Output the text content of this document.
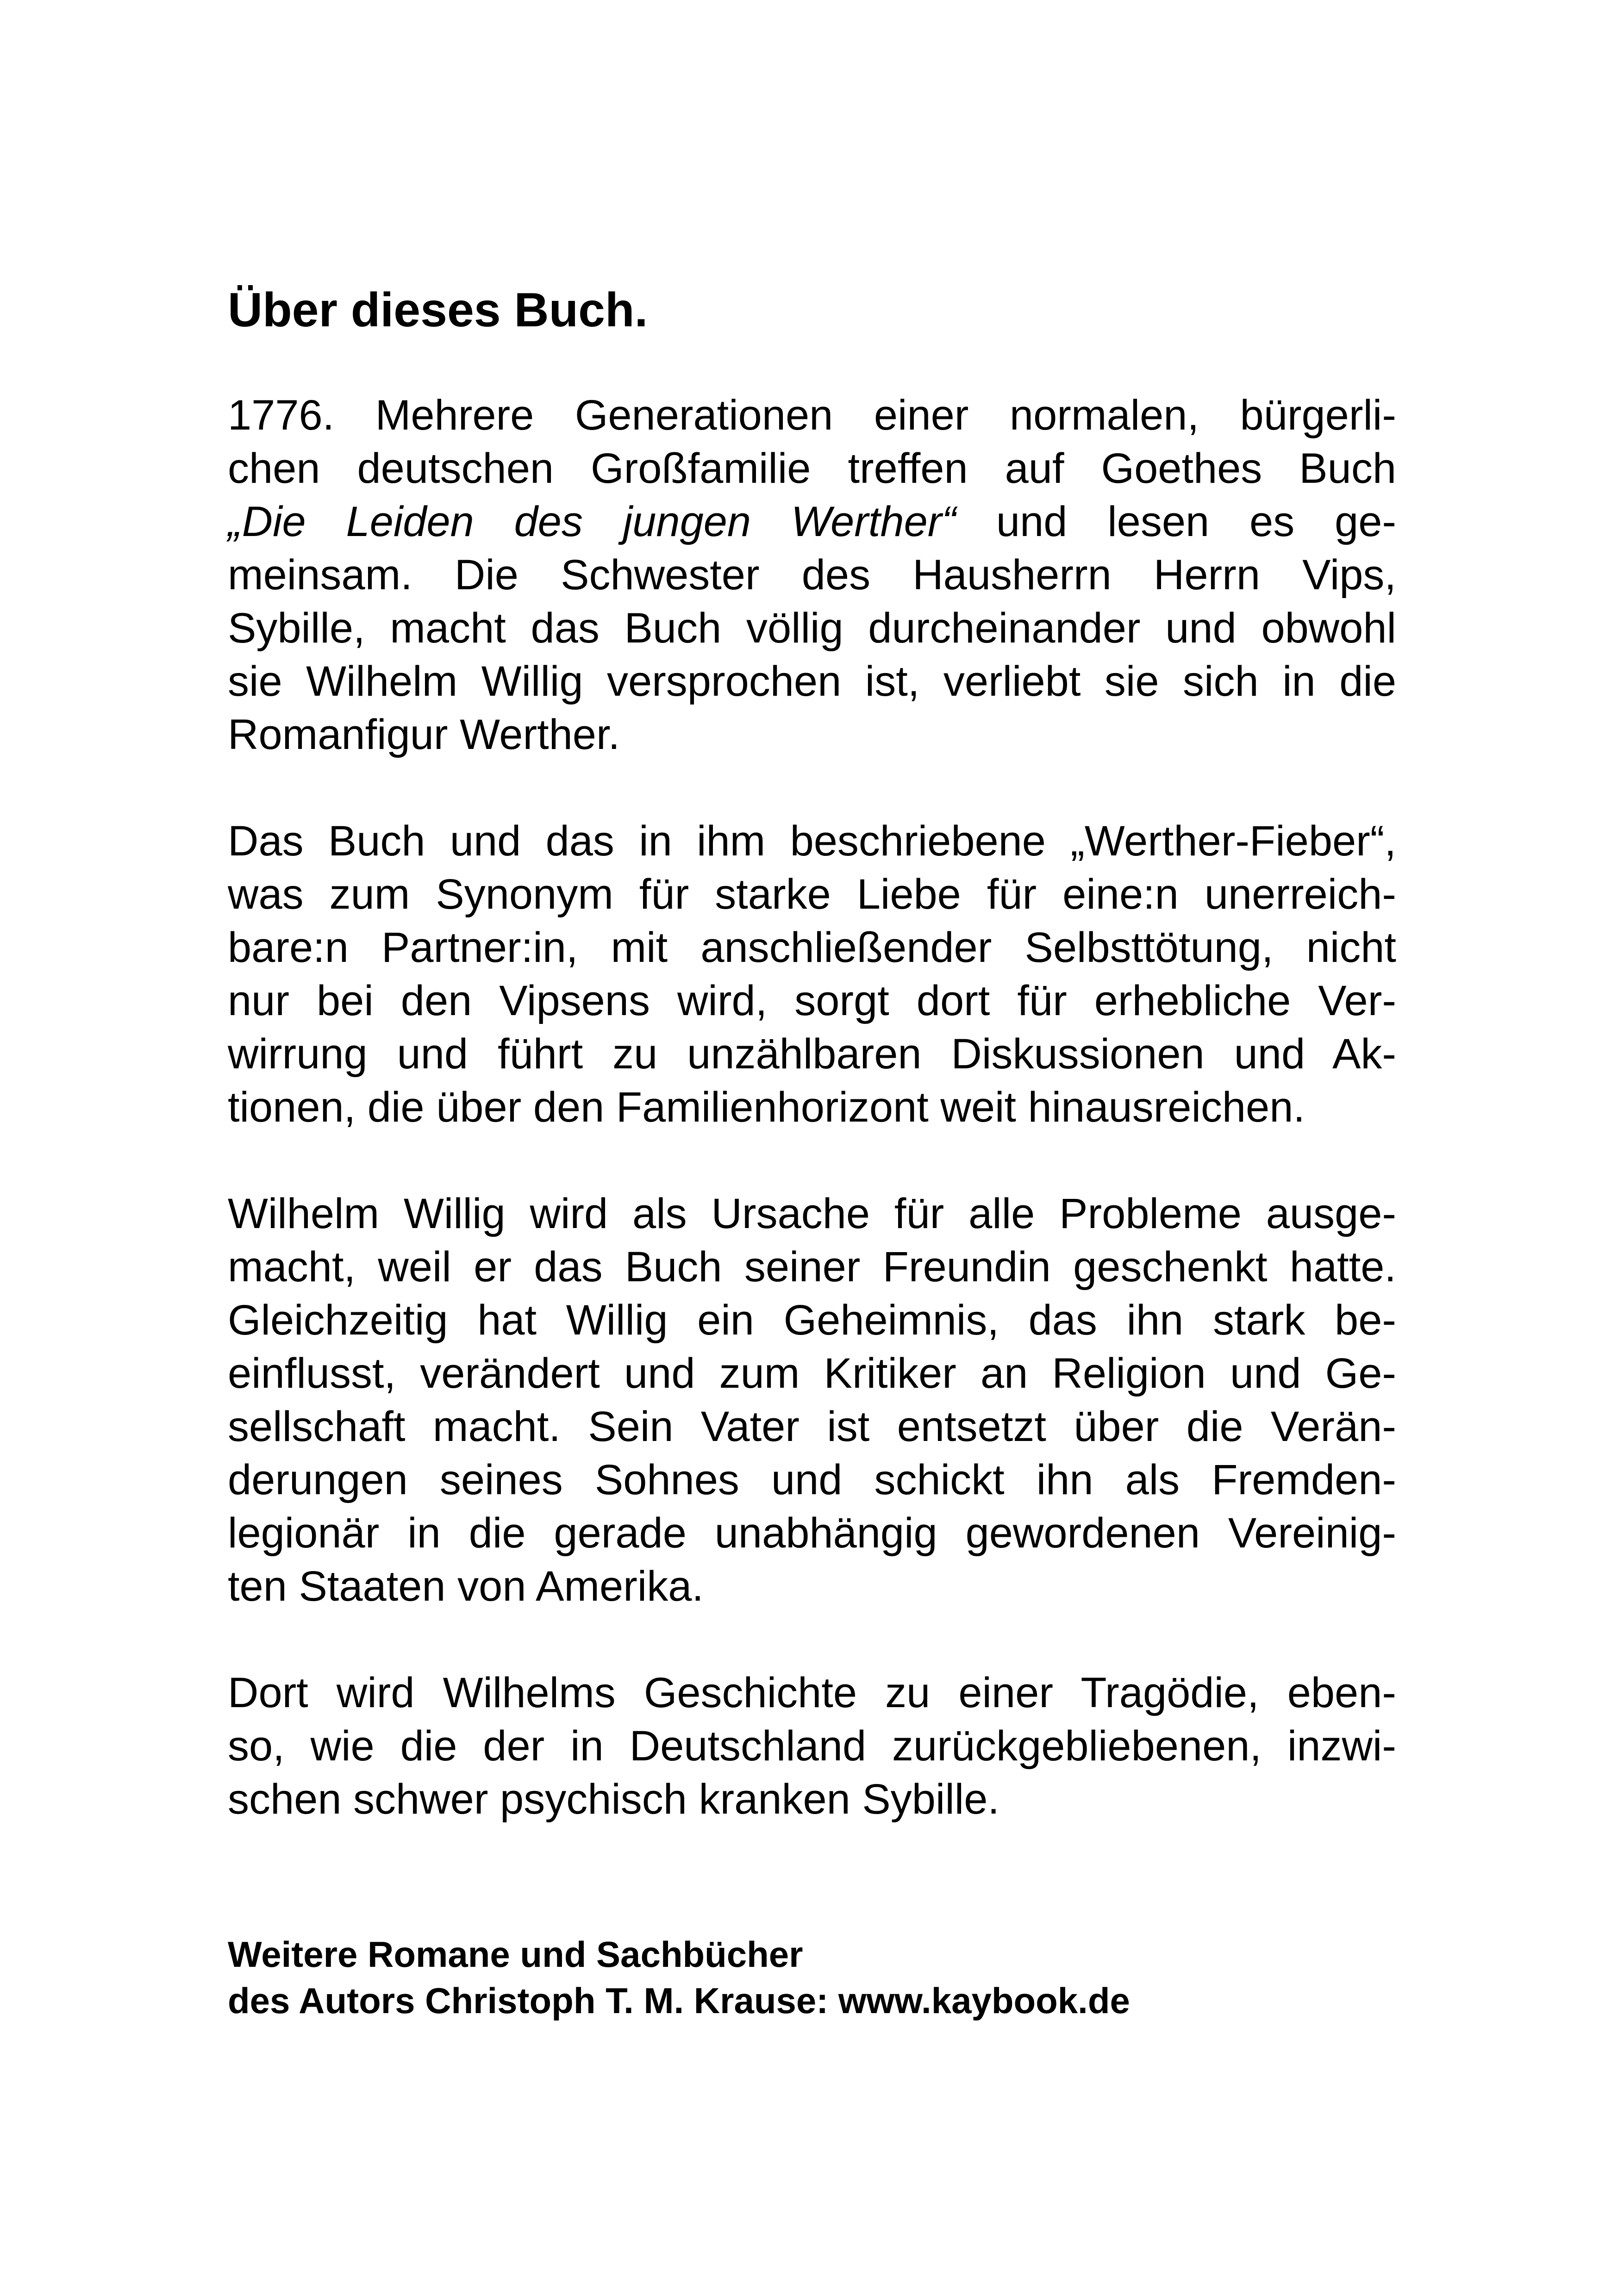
Über dieses Buch.

1776. Mehrere Generationen einer normalen, bürgerli-
chen deutschen Großfamilie treffen auf Goethes Buch
„Die Leiden des jungen Werther“ und lesen es ge-
meinsam. Die Schwester des Hausherrn Herrn Vips,
Sybille, macht das Buch völlig durcheinander und obwohl
sie Wilhelm Willig versprochen ist, verliebt sie sich in die
Romanfigur Werther.

Das Buch und das in ihm beschriebene „Werther-Fieber“,
was zum Synonym für starke Liebe für eine:n unerreich-
bare:n Partner:in, mit anschließender Selbsttötung, nicht
nur bei den Vipsens wird, sorgt dort für erhebliche Ver-
wirrung und führt zu unzählbaren Diskussionen und Ak-
tionen, die über den Familienhorizont weit hinausreichen.

Wilhelm Willig wird als Ursache für alle Probleme ausge-
macht, weil er das Buch seiner Freundin geschenkt hatte.
Gleichzeitig hat Willig ein Geheimnis, das ihn stark be-
einflusst, verändert und zum Kritiker an Religion und Ge-
sellschaft macht. Sein Vater ist entsetzt über die Verän-
derungen seines Sohnes und schickt ihn als Fremden-
legionär in die gerade unabhängig gewordenen Vereinig-
ten Staaten von Amerika.

Dort wird Wilhelms Geschichte zu einer Tragödie, eben-
so, wie die der in Deutschland zurückgebliebenen, inzwi-
schen schwer psychisch kranken Sybille.

Weitere Romane und Sachbücher
des Autors Christoph T. M. Krause: www.kaybook.de
